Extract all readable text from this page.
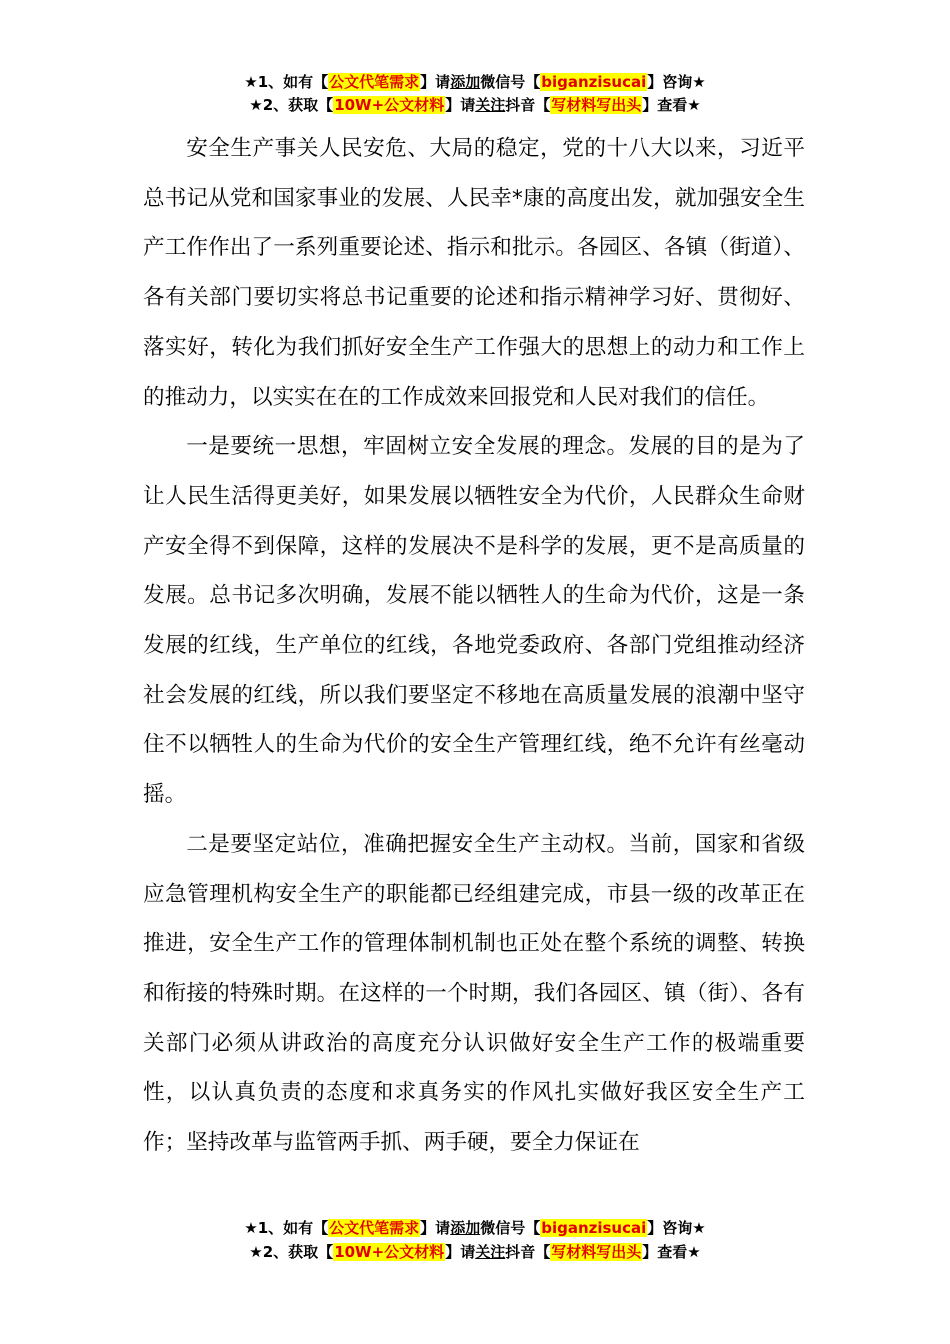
★1、如有【公文代笔需求】请添加微信号【biganzisucai】咨询★
★2、获取【10W+公文材料】请关注抖音【写材料写出头】查看★

安全生产事关人民安危、大局的稳定，党的十八大以来，习近平总书记从党和国家事业的发展、人民幸*康的高度出发，就加强安全生产工作作出了一系列重要论述、指示和批示。各园区、各镇（街道）、各有关部门要切实将总书记重要的论述和指示精神学习好、贯彻好、落实好，转化为我们抓好安全生产工作强大的思想上的动力和工作上的推动力，以实实在在的工作成效来回报党和人民对我们的信任。

一是要统一思想，牢固树立安全发展的理念。发展的目的是为了让人民生活得更美好，如果发展以牺牲安全为代价，人民群众生命财产安全得不到保障，这样的发展决不是科学的发展，更不是高质量的发展。总书记多次明确，发展不能以牺牲人的生命为代价，这是一条发展的红线，生产单位的红线，各地党委政府、各部门党组推动经济社会发展的红线，所以我们要坚定不移地在高质量发展的浪潮中坚守住不以牺牲人的生命为代价的安全生产管理红线，绝不允许有丝毫动摇。

二是要坚定站位，准确把握安全生产主动权。当前，国家和省级应急管理机构安全生产的职能都已经组建完成，市县一级的改革正在推进，安全生产工作的管理体制机制也正处在整个系统的调整、转换和衔接的特殊时期。在这样的一个时期，我们各园区、镇（街）、各有关部门必须从讲政治的高度充分认识做好安全生产工作的极端重要性，以认真负责的态度和求真务实的作风扎实做好我区安全生产工作；坚持改革与监管两手抓、两手硬，要全力保证在

★1、如有【公文代笔需求】请添加微信号【biganzisucai】咨询★
★2、获取【10W+公文材料】请关注抖音【写材料写出头】查看★
